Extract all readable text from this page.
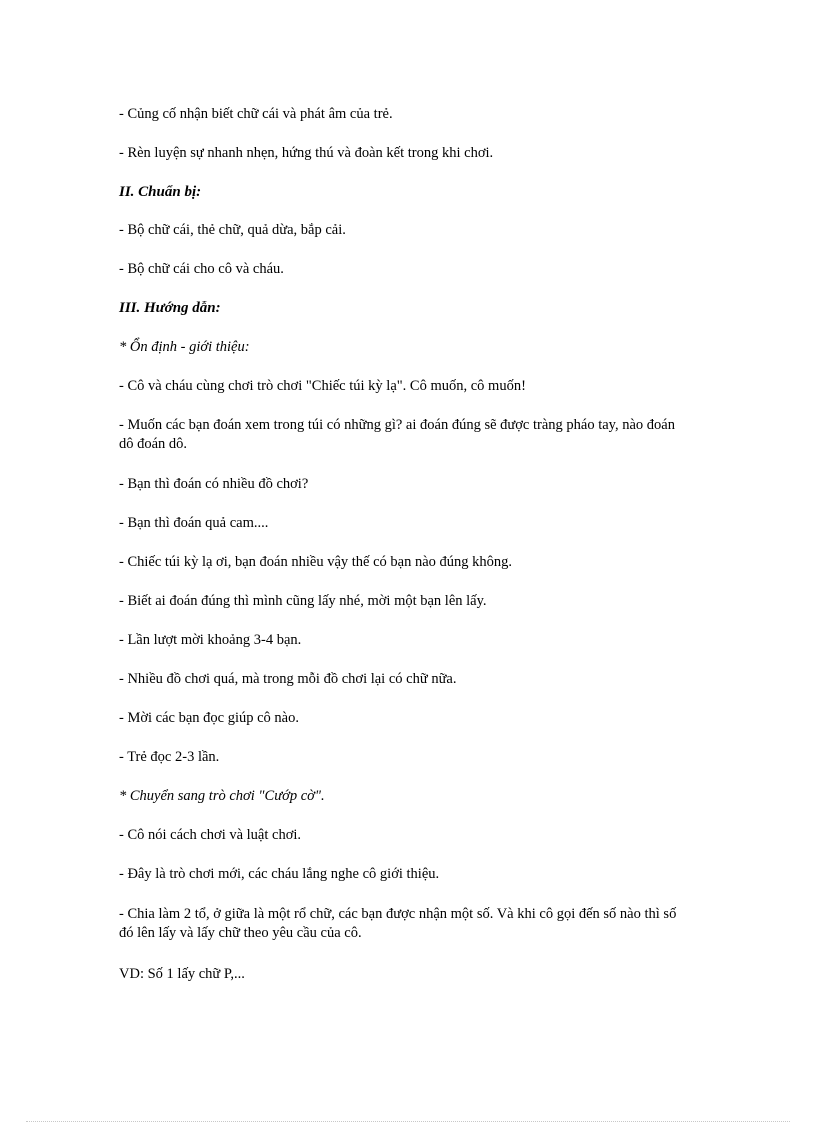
- Củng cố nhận biết chữ cái và phát âm của trẻ.
- Rèn luyện sự nhanh nhẹn, hứng thú và đoàn kết trong khi chơi.
II. Chuẩn bị:
- Bộ chữ cái, thẻ chữ, quả dừa, bắp cải.
- Bộ chữ cái cho cô và cháu.
III. Hướng dẫn:
* Ổn định - giới thiệu:
- Cô và cháu cùng chơi trò chơi "Chiếc túi kỳ lạ". Cô muốn, cô muốn!
- Muốn các bạn đoán xem trong túi có những gì? ai đoán đúng sẽ được tràng pháo tay, nào đoán dô đoán dô.
- Bạn thì đoán có nhiều đồ chơi?
- Bạn thì đoán quả cam....
- Chiếc túi kỳ lạ ơi, bạn đoán nhiều vậy thế có bạn nào đúng không.
- Biết ai đoán đúng thì mình cũng lấy nhé, mời một bạn lên lấy.
- Lần lượt mời khoảng 3-4 bạn.
- Nhiều đồ chơi quá, mà trong mỗi đồ chơi lại có chữ nữa.
- Mời các bạn đọc giúp cô nào.
- Trẻ đọc 2-3 lần.
* Chuyển sang trò chơi "Cướp cờ".
- Cô nói cách chơi và luật chơi.
- Đây là trò chơi mới, các cháu lắng nghe cô giới thiệu.
- Chia làm 2 tổ, ở giữa là một rổ chữ, các bạn được nhận một số. Và khi cô gọi đến số nào thì số đó lên lấy và lấy chữ theo yêu cầu của cô.
VD: Số 1 lấy chữ P,...
